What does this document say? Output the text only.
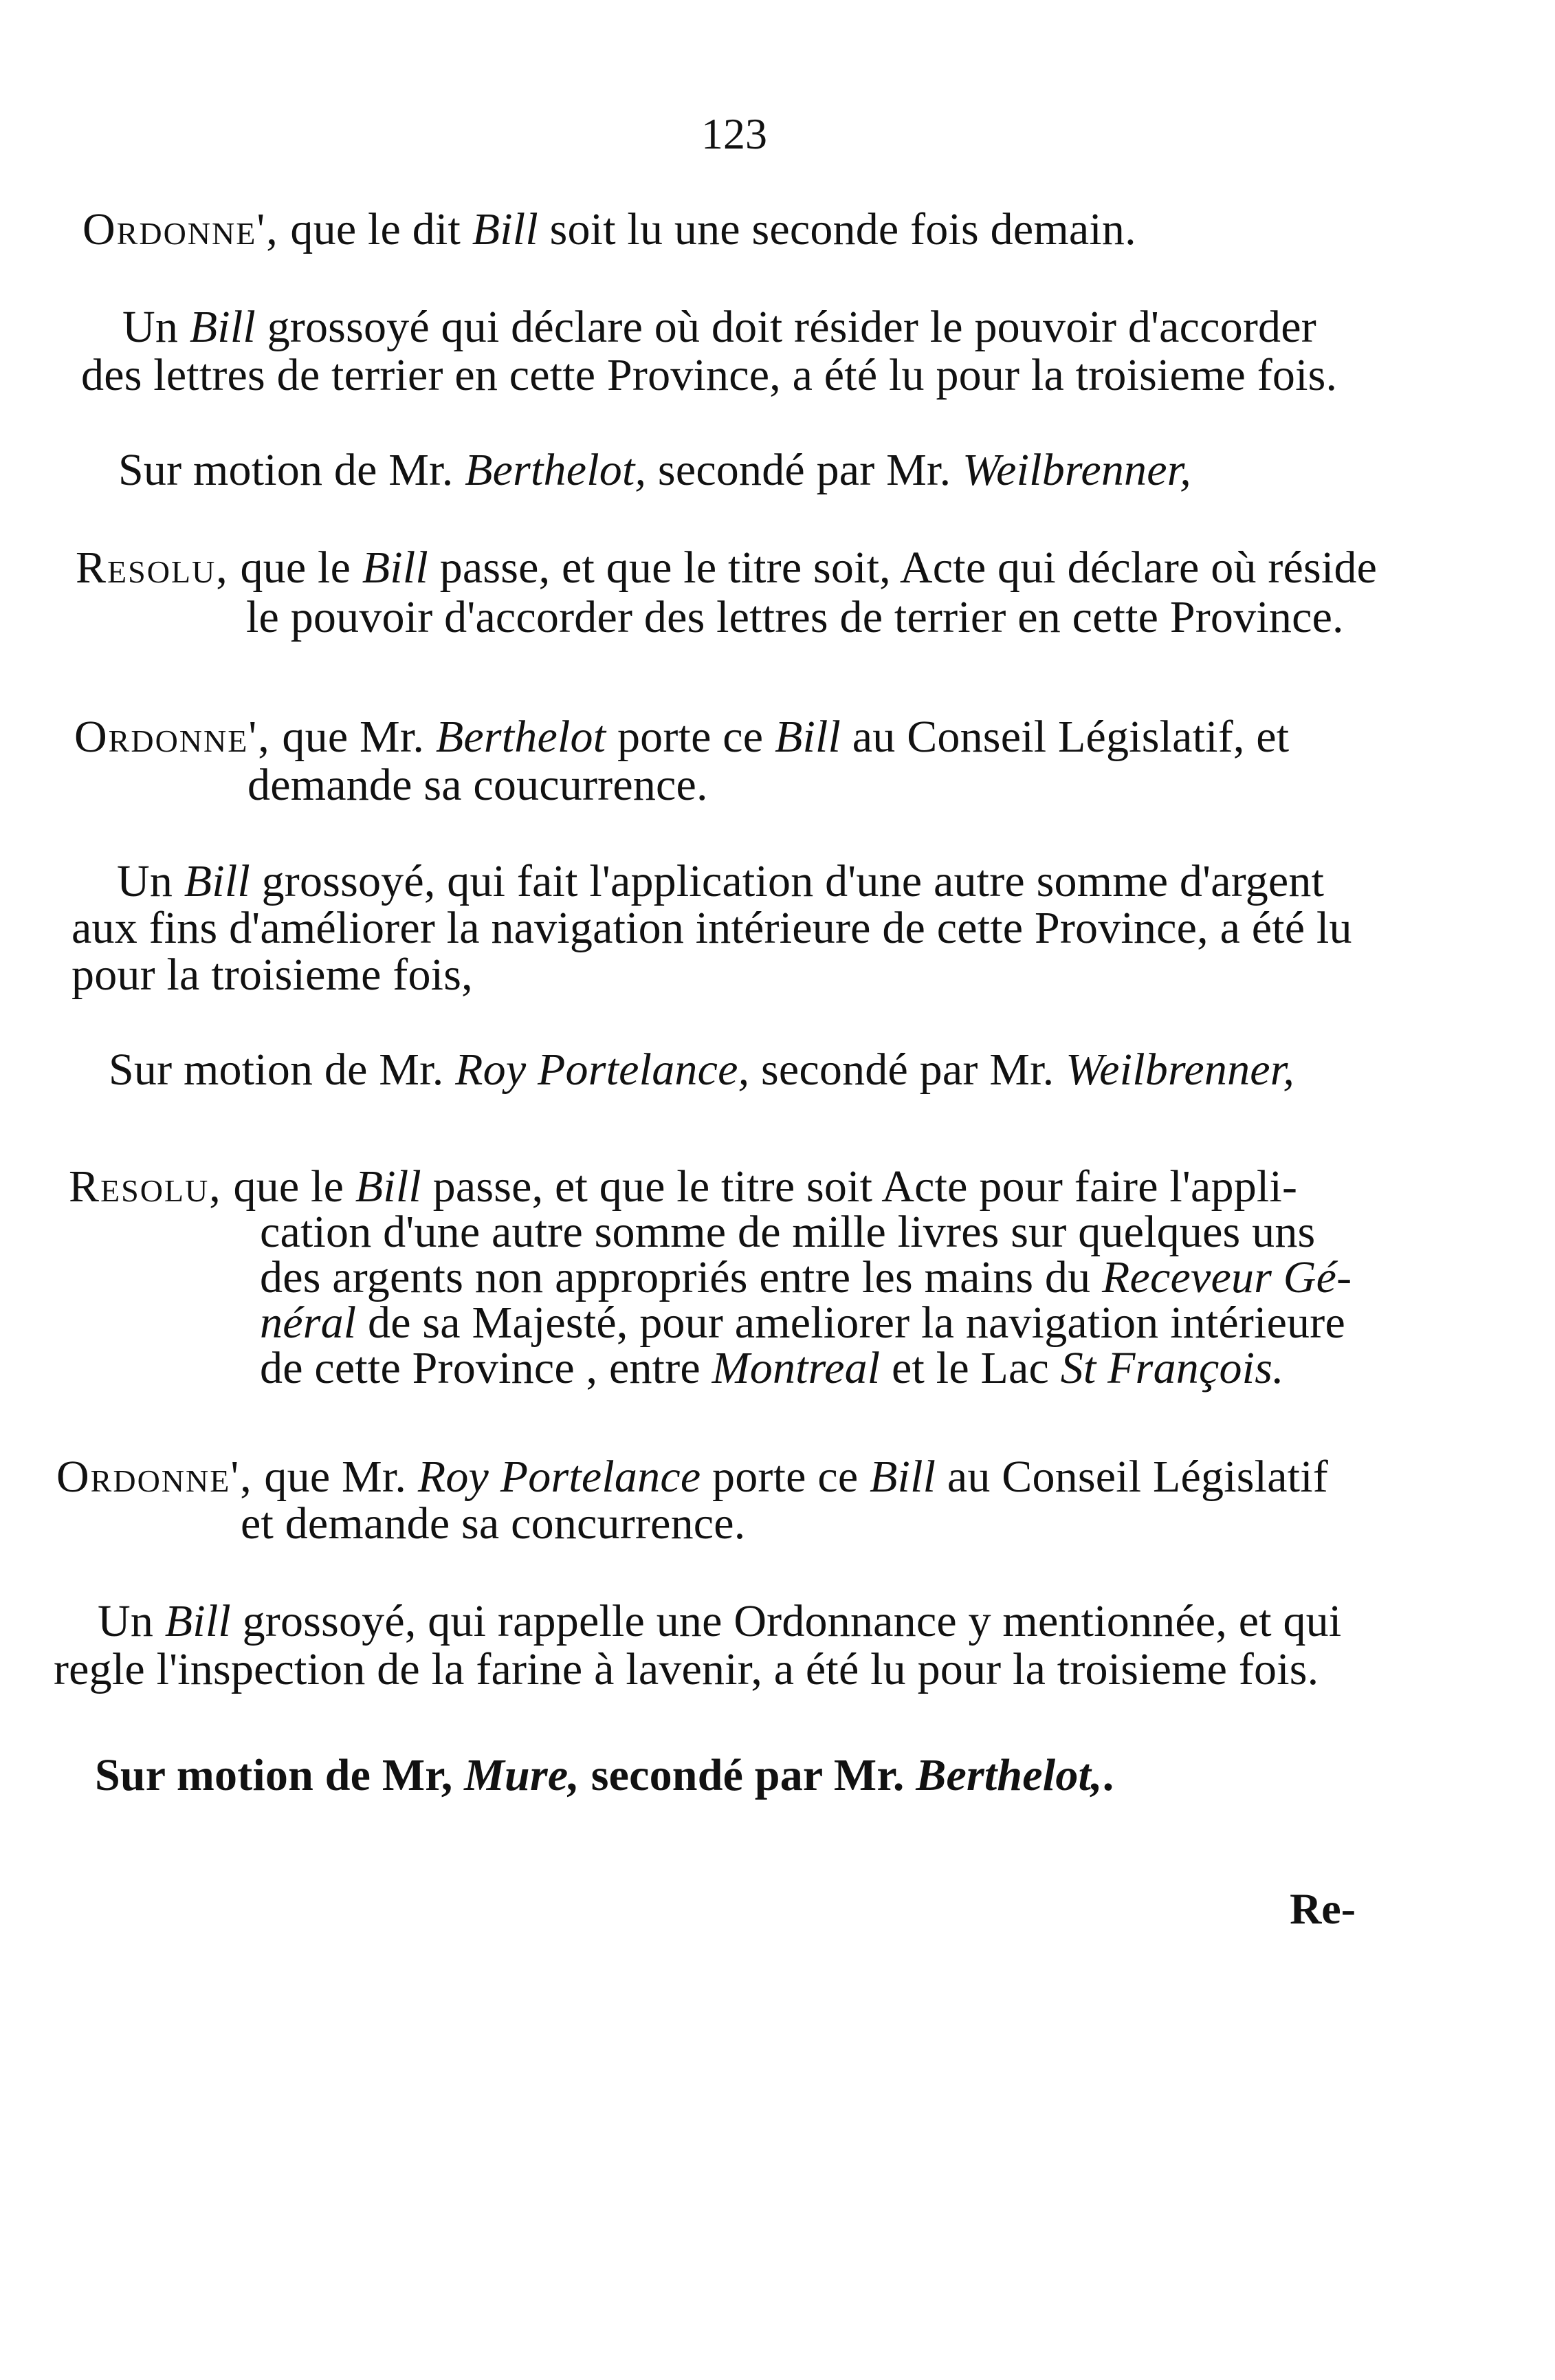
123
Ordonne', que le dit Bill soit lu une seconde fois demain.
Un Bill grossoyé qui déclare où doit résider le pouvoir d'accorder
des lettres de terrier en cette Province, a été lu pour la troisieme fois.
Sur motion de Mr. Berthelot, secondé par Mr. Weilbrenner,
Resolu, que le Bill passe, et que le titre soit, Acte qui déclare où réside
le pouvoir d'accorder des lettres de terrier en cette Province.
Ordonne', que Mr. Berthelot porte ce Bill au Conseil Législatif, et
demande sa coucurrence.
Un Bill grossoyé, qui fait l'application d'une autre somme d'argent
aux fins d'améliorer la navigation intérieure de cette Province, a été lu
pour la troisieme fois,
Sur motion de Mr. Roy Portelance, secondé par Mr. Weilbrenner,
Resolu, que le Bill passe, et que le titre soit Acte pour faire l'appli-
cation d'une autre somme de mille livres sur quelques uns
des argents non appropriés entre les mains du Receveur Gé-
néral de sa Majesté, pour ameliorer la navigation intérieure
de cette Province , entre Montreal et le Lac St François.
Ordonne', que Mr. Roy Portelance porte ce Bill au Conseil Législatif
et demande sa concurrence.
Un Bill grossoyé, qui rappelle une Ordonnance y mentionnée, et qui
regle l'inspection de la farine à lavenir, a été lu pour la troisieme fois.
Sur motion de Mr, Mure, secondé par Mr. Berthelot,.
Re-
